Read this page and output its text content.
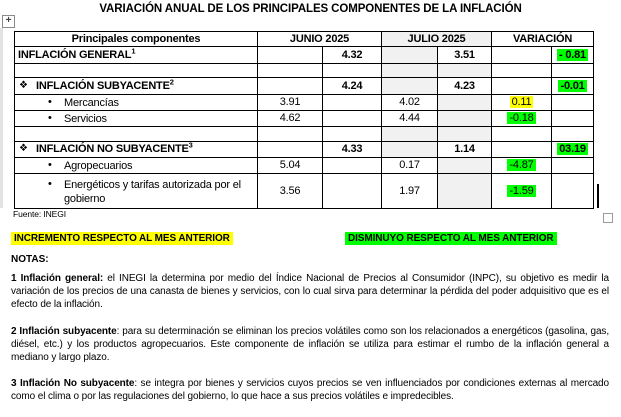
VARIACIÓN ANUAL DE LOS PRINCIPALES COMPONENTES DE LA INFLACIÓN
+
Principales componentes	JUNIO 2025		JULIO 2025		VARIACIÓN	

INFLACIÓN GENERAL$^1$		4.32		3.51		- 0.81

❖ INFLACIÓN SUBYACENTE$^2$		4.24		4.23		-0.01

• Mercancías	3.91		4.02		0.11	

• Servicios	4.62		4.44		-0.18	

❖ INFLACIÓN NO SUBYACENTE$^3$		4.33		1.14		03.19

• Agropecuarios	5.04		0.17		-4.87	

• Energéticos y tarifas autorizada por el gobierno	3.56		1.97		-1.59	
Fuente: INEGI
INCREMENTO RESPECTO AL MES ANTERIOR	DISMINUYO RESPECTO AL MES ANTERIOR
NOTAS:

1 Inflación general: el INEGI la determina por medio del Índice Nacional de Precios al Consumidor (INPC), su objetivo es medir la variación de los precios de una canasta de bienes y servicios, con lo cual sirva para determinar la pérdida del poder adquisitivo que es el efecto de la inflación.

2 Inflación subyacente: para su determinación se eliminan los precios volátiles como son los relacionados a energéticos (gasolina, gas, diésel, etc.) y los productos agropecuarios. Este componente de inflación se utiliza para estimar el rumbo de la inflación general a mediano y largo plazo.

3 Inflación No subyacente: se integra por bienes y servicios cuyos precios se ven influenciados por condiciones externas al mercado como el clima o por las regulaciones del gobierno, lo que hace a sus precios volátiles e impredecibles.
